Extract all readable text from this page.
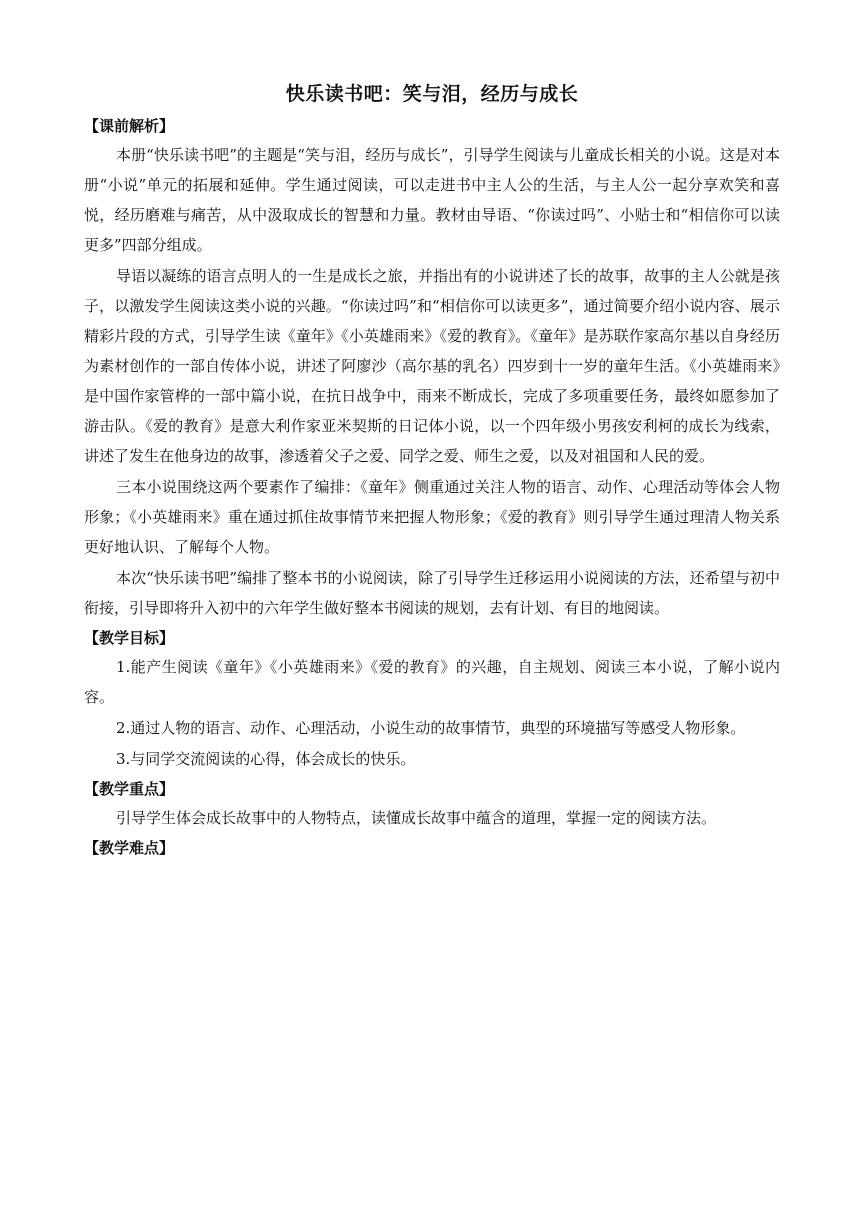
快乐读书吧：笑与泪，经历与成长

【课前解析】

本册“快乐读书吧”的主题是“笑与泪，经历与成长”，引导学生阅读与儿童成长相关的小说。这是对本册“小说”单元的拓展和延伸。学生通过阅读，可以走进书中主人公的生活，与主人公一起分享欢笑和喜悦，经历磨难与痛苦，从中汲取成长的智慧和力量。教材由导语、“你读过吗”、小贴士和“相信你可以读更多”四部分组成。

导语以凝练的语言点明人的一生是成长之旅，并指出有的小说讲述了长的故事，故事的主人公就是孩子，以激发学生阅读这类小说的兴趣。“你读过吗”和“相信你可以读更多”，通过简要介绍小说内容、展示精彩片段的方式，引导学生读《童年》《小英雄雨来》《爱的教育》。《童年》是苏联作家高尔基以自身经历为素材创作的一部自传体小说，讲述了阿廖沙（高尔基的乳名）四岁到十一岁的童年生活。《小英雄雨来》是中国作家管桦的一部中篇小说，在抗日战争中，雨来不断成长，完成了多项重要任务，最终如愿参加了游击队。《爱的教育》是意大利作家亚米契斯的日记体小说，以一个四年级小男孩安利柯的成长为线索，讲述了发生在他身边的故事，渗透着父子之爱、同学之爱、师生之爱，以及对祖国和人民的爱。

三本小说围绕这两个要素作了编排：《童年》侧重通过关注人物的语言、动作、心理活动等体会人物形象；《小英雄雨来》重在通过抓住故事情节来把握人物形象；《爱的教育》则引导学生通过理清人物关系更好地认识、了解每个人物。

本次“快乐读书吧”编排了整本书的小说阅读，除了引导学生迁移运用小说阅读的方法，还希望与初中衔接，引导即将升入初中的六年学生做好整本书阅读的规划，去有计划、有目的地阅读。

【教学目标】

1.能产生阅读《童年》《小英雄雨来》《爱的教育》的兴趣，自主规划、阅读三本小说，了解小说内容。

2.通过人物的语言、动作、心理活动，小说生动的故事情节，典型的环境描写等感受人物形象。

3.与同学交流阅读的心得，体会成长的快乐。

【教学重点】

引导学生体会成长故事中的人物特点，读懂成长故事中蕴含的道理，掌握一定的阅读方法。

【教学难点】
